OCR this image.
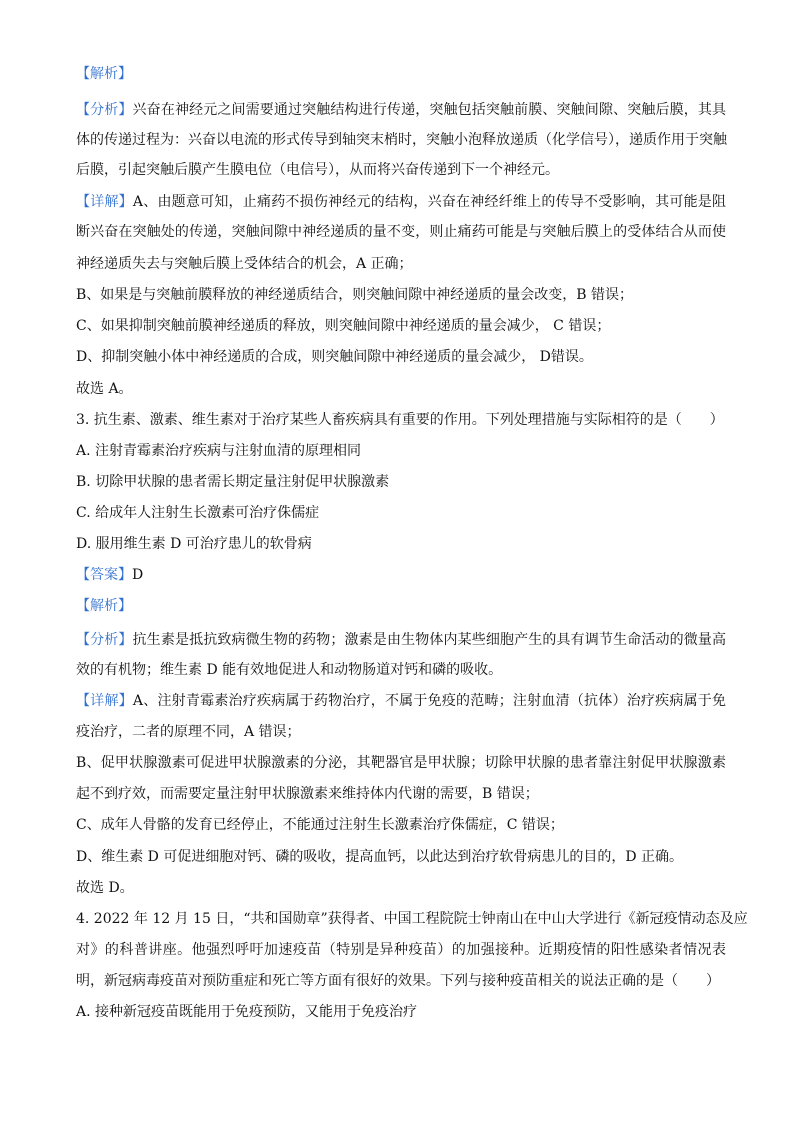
【解析】
【分析】兴奋在神经元之间需要通过突触结构进行传递，突触包括突触前膜、突触间隙、突触后膜，其具
体的传递过程为：兴奋以电流的形式传导到轴突末梢时，突触小泡释放递质（化学信号），递质作用于突触
后膜，引起突触后膜产生膜电位（电信号），从而将兴奋传递到下一个神经元。
【详解】A、由题意可知，止痛药不损伤神经元的结构，兴奋在神经纤维上的传导不受影响，其可能是阻
断兴奋在突触处的传递，突触间隙中神经递质的量不变，则止痛药可能是与突触后膜上的受体结合从而使
神经递质失去与突触后膜上受体结合的机会，A 正确；
B、如果是与突触前膜释放的神经递质结合，则突触间隙中神经递质的量会改变，B 错误；
C、如果抑制突触前膜神经递质的释放，则突触间隙中神经递质的量会减少， C 错误；
D、抑制突触小体中神经递质的合成，则突触间隙中神经递质的量会减少， D错误。
故选 A。
3. 抗生素、激素、维生素对于治疗某些人畜疾病具有重要的作用。下列处理措施与实际相符的是（　　）
A. 注射青霉素治疗疾病与注射血清的原理相同
B. 切除甲状腺的患者需长期定量注射促甲状腺激素
C. 给成年人注射生长激素可治疗侏儒症
D. 服用维生素 D 可治疗患儿的软骨病
【答案】D
【解析】
【分析】抗生素是抵抗致病微生物的药物；激素是由生物体内某些细胞产生的具有调节生命活动的微量高
效的有机物；维生素 D 能有效地促进人和动物肠道对钙和磷的吸收。
【详解】A、注射青霉素治疗疾病属于药物治疗，不属于免疫的范畴；注射血清（抗体）治疗疾病属于免
疫治疗，二者的原理不同，A 错误；
B、促甲状腺激素可促进甲状腺激素的分泌，其靶器官是甲状腺；切除甲状腺的患者靠注射促甲状腺激素
起不到疗效，而需要定量注射甲状腺激素来维持体内代谢的需要，B 错误；
C、成年人骨骼的发育已经停止，不能通过注射生长激素治疗侏儒症，C 错误；
D、维生素 D 可促进细胞对钙、磷的吸收，提高血钙，以此达到治疗软骨病患儿的目的，D 正确。
故选 D。
4. 2022 年 12 月 15 日，“共和国勋章”获得者、中国工程院院士钟南山在中山大学进行《新冠疫情动态及应
对》的科普讲座。他强烈呼吁加速疫苗（特别是异种疫苗）的加强接种。近期疫情的阳性感染者情况表
明，新冠病毒疫苗对预防重症和死亡等方面有很好的效果。下列与接种疫苗相关的说法正确的是（　　）
A. 接种新冠疫苗既能用于免疫预防，又能用于免疫治疗
